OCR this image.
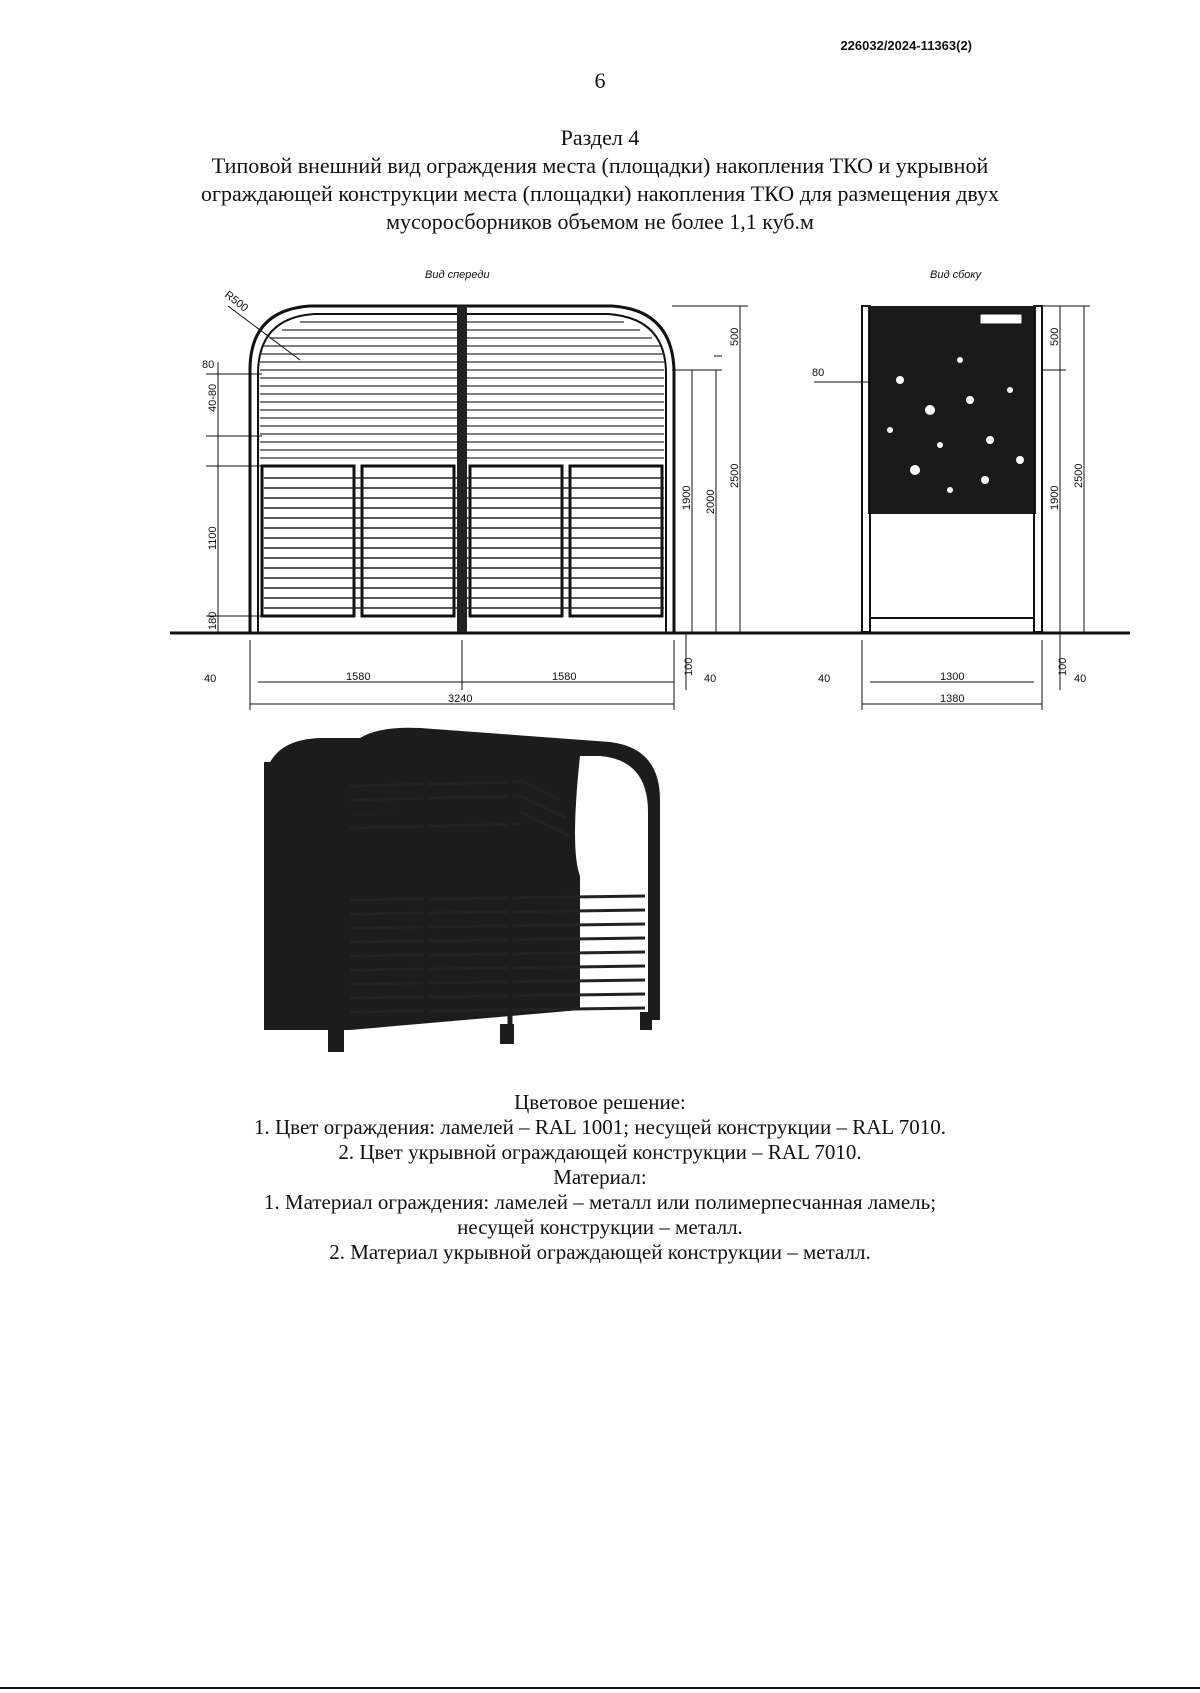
226032/2024-11363(2)
6
Раздел 4
Типовой внешний вид ограждения места (площадки) накопления ТКО и укрывной
ограждающей конструкции места (площадки) накопления ТКО для размещения двух
мусоросборников объемом не более 1,1 куб.м
Вид спереди
R500
80
40-80
1100
180
500
1900 2000
2500
100
40	1580	1580	40
3240
Вид сбоку
80
500
1900
2500
100
40	1300	40
1380
Цветовое решение:
1. Цвет ограждения: ламелей – RAL 1001; несущей конструкции – RAL 7010.
2. Цвет укрывной ограждающей конструкции – RAL 7010.
Материал:
1. Материал ограждения: ламелей – металл или полимерпесчанная ламель;
несущей конструкции – металл.
2. Материал укрывной ограждающей конструкции – металл.
